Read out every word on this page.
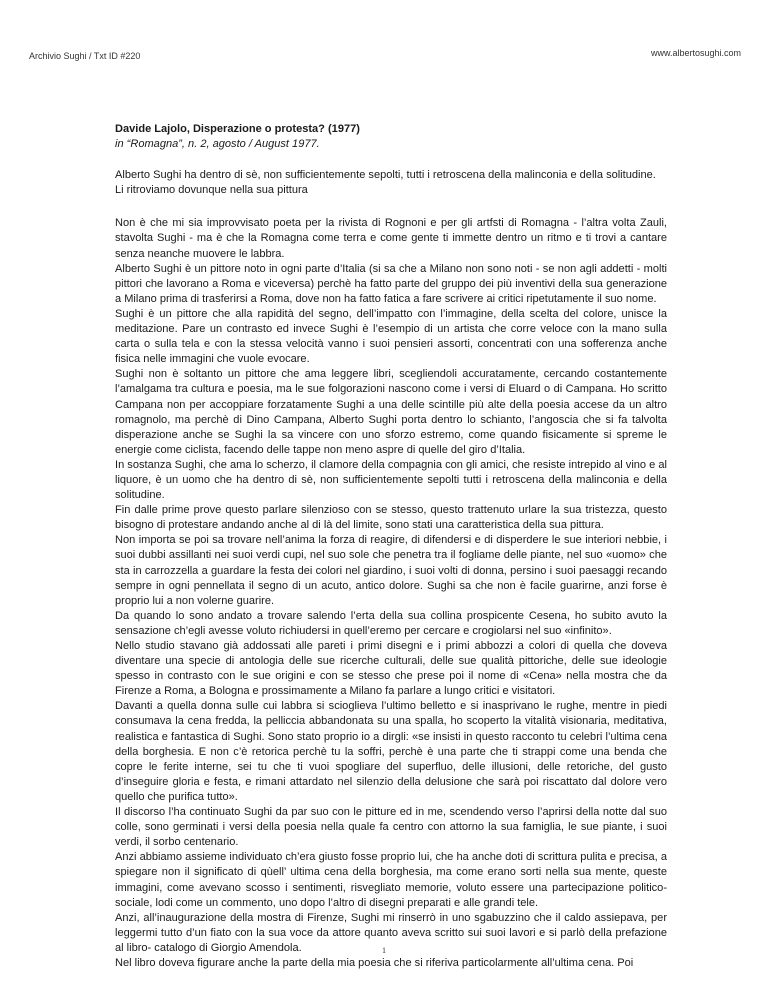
Archivio Sughi / Txt ID #220	www.albertosughi.com

Davide Lajolo, Disperazione o protesta? (1977)

in “Romagna”, n. 2, agosto / August 1977.

Alberto Sughi ha dentro di sè, non sufficientemente sepolti, tutti i retroscena della malinconia e della solitudine. Li ritroviamo dovunque nella sua pittura

Non è che mi sia improvvisato poeta per la rivista di Rognoni e per gli artfsti di Romagna - l’altra volta Zauli, stavolta Sughi - ma è che la Romagna come terra e come gente ti immette dentro un ritmo e ti trovi a cantare senza neanche muovere le labbra.

Alberto Sughi è un pittore noto in ogni parte d’Italia (si sa che a Milano non sono noti - se non agli addetti - molti pittori che lavorano a Roma e viceversa) perchè ha fatto parte del gruppo dei più inventivi della sua generazione a Milano prima di trasferirsi a Roma, dove non ha fatto fatica a fare scrivere ai critici ripetutamente il suo nome.

Sughi è un pittore che alla rapidità del segno, dell’impatto con l’immagine, della scelta del colore, unisce la meditazione. Pare un contrasto ed invece Sughi è l’esempio di un artista che corre veloce con la mano sulla carta o sulla tela e con la stessa velocità vanno i suoi pensieri assorti, concentrati con una sofferenza anche fisica nelle immagini che vuole evocare.

Sughi non è soltanto un pittore che ama leggere libri, scegliendoli accuratamente, cercando costantemente l’amalgama tra cultura e poesia, ma le sue folgorazioni nascono come i versi di Eluard o di Campana. Ho scritto Campana non per accoppiare forzatamente Sughi a una delle scintille più alte della poesia accese da un altro romagnolo, ma perchè di Dino Campana, Alberto Sughi porta dentro lo schianto, l’angoscia che si fa talvolta disperazione anche se Sughi la sa vincere con uno sforzo estremo, come quando fisicamente si spreme le energie come ciclista, facendo delle tappe non meno aspre di quelle del giro d’Italia.

In sostanza Sughi, che ama lo scherzo, il clamore della compagnia con gli amici, che resiste intrepido al vino e al liquore, è un uomo che ha dentro di sè, non sufficientemente sepolti tutti i retroscena della malinconia e della solitudine.

Fin dalle prime prove questo parlare silenzioso con se stesso, questo trattenuto urlare la sua tristezza, questo bisogno di protestare andando anche al di là del limite, sono stati una caratteristica della sua pittura.

Non importa se poi sa trovare nell’anima la forza di reagire, di difendersi e di disperdere le sue interiori nebbie, i suoi dubbi assillanti nei suoi verdi cupi, nel suo sole che penetra tra il fogliame delle piante, nel suo «uomo» che sta in carrozzella a guardare la festa dei colori nel giardino, i suoi volti di donna, persino i suoi paesaggi recando sempre in ogni pennellata il segno di un acuto, antico dolore. Sughi sa che non è facile guarirne, anzi forse è proprio lui a non volerne guarire.

Da quando lo sono andato a trovare salendo l’erta della sua collina prospicente Cesena, ho subito avuto la sensazione ch’egli avesse voluto richiudersi in quell’eremo per cercare e crogiolarsi nel suo «infinito».

Nello studio stavano già addossati alle pareti i primi disegni e i primi abbozzi a colori di quella che doveva diventare una specie di antologia delle sue ricerche culturali, delle sue qualità pittoriche, delle sue ideologie spesso in contrasto con le sue origini e con se stesso che prese poi il nome di «Cena» nella mostra che da Firenze a Roma, a Bologna e prossimamente a Milano fa parlare a lungo critici e visitatori.

Davanti a quella donna sulle cui labbra si scioglieva l’ultimo belletto e si inasprivano le rughe, mentre in piedi consumava la cena fredda, la pelliccia abbandonata su una spalla, ho scoperto la vitalità visionaria, meditativa, realistica e fantastica di Sughi. Sono stato proprio io a dirgli: «se insisti in questo racconto tu celebri l’ultima cena della borghesia. E non c’è retorica perchè tu la soffri, perchè è una parte che ti strappi come una benda che copre le ferite interne, sei tu che ti vuoi spogliare del superfluo, delle illusioni, delle retoriche, del gusto d’inseguire gloria e festa, e rimani attardato nel silenzio della delusione che sarà poi riscattato dal dolore vero quello che purifica tutto».

Il discorso l’ha continuato Sughi da par suo con le pitture ed in me, scendendo verso l’aprirsi della notte dal suo colle, sono germinati i versi della poesia nella quale fa centro con attorno la sua famiglia, le sue piante, i suoi verdi, il sorbo centenario.

Anzi abbiamo assieme individuato ch’era giusto fosse proprio lui, che ha anche doti di scrittura pulita e precisa, a spiegare non il significato di qùell’ ultima cena della borghesia, ma come erano sorti nella sua mente, queste immagini, come avevano scosso i sentimenti, risvegliato memorie, voluto essere una partecipazione politico-sociale, lodi come un commento, uno dopo l’altro di disegni preparati e alle grandi tele.

Anzi, all’inaugurazione della mostra di Firenze, Sughi mi rinserrò in uno sgabuzzino che il caldo assiepava, per leggermi tutto d’un fiato con la sua voce da attore quanto aveva scritto sui suoi lavori e si parlò della prefazione al libro- catalogo di Giorgio Amendola.

Nel libro doveva figurare anche la parte della mia poesia che si riferiva particolarmente all’ultima cena. Poi

1
